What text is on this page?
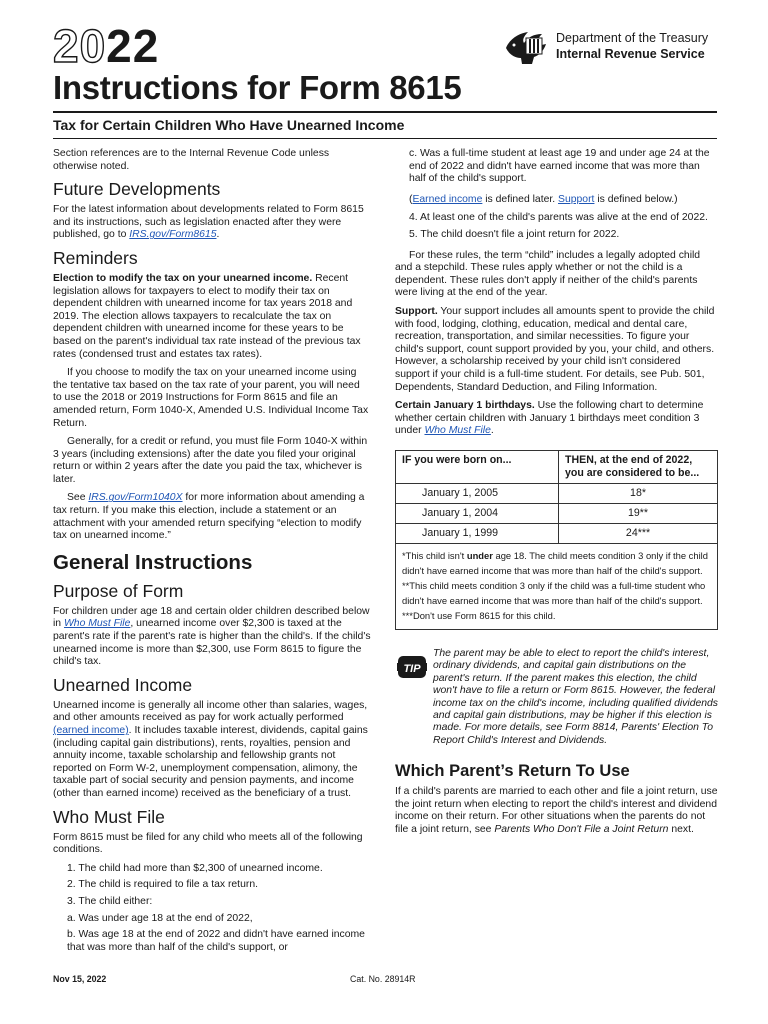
2022
Instructions for Form 8615
Tax for Certain Children Who Have Unearned Income
Department of the Treasury
Internal Revenue Service

Section references are to the Internal Revenue Code unless otherwise noted.

Future Developments

For the latest information about developments related to Form 8615 and its instructions, such as legislation enacted after they were published, go to IRS.gov/Form8615.

Reminders

Election to modify the tax on your unearned income. Recent legislation allows for taxpayers to elect to modify their tax on dependent children with unearned income for tax years 2018 and 2019. The election allows taxpayers to recalculate the tax on dependent children with unearned income for these years to be based on the parent's individual tax rate instead of the previous tax rates (condensed trust and estates tax rates).

If you choose to modify the tax on your unearned income using the tentative tax based on the tax rate of your parent, you will need to use the 2018 or 2019 Instructions for Form 8615 and file an amended return, Form 1040-X, Amended U.S. Individual Income Tax Return.

Generally, for a credit or refund, you must file Form 1040-X within 3 years (including extensions) after the date you filed your original return or within 2 years after the date you paid the tax, whichever is later.

See IRS.gov/Form1040X for more information about amending a tax return. If you make this election, include a statement or an attachment with your amended return specifying “election to modify tax on unearned income.”

General Instructions
Purpose of Form

For children under age 18 and certain older children described below in Who Must File, unearned income over $2,300 is taxed at the parent's rate if the parent's rate is higher than the child's. If the child's unearned income is more than $2,300, use Form 8615 to figure the child's tax.

Unearned Income

Unearned income is generally all income other than salaries, wages, and other amounts received as pay for work actually performed (earned income). It includes taxable interest, dividends, capital gains (including capital gain distributions), rents, royalties, pension and annuity income, taxable scholarship and fellowship grants not reported on Form W-2, unemployment compensation, alimony, the taxable part of social security and pension payments, and income (other than earned income) received as the beneficiary of a trust.

Who Must File

Form 8615 must be filed for any child who meets all of the following conditions.

1. The child had more than $2,300 of unearned income.
2. The child is required to file a tax return.
3. The child either:
a. Was under age 18 at the end of 2022,
b. Was age 18 at the end of 2022 and didn't have earned income that was more than half of the child's support, or
c. Was a full-time student at least age 19 and under age 24 at the end of 2022 and didn't have earned income that was more than half of the child's support.

(Earned income is defined later. Support is defined below.)

4. At least one of the child's parents was alive at the end of 2022.
5. The child doesn't file a joint return for 2022.

For these rules, the term “child” includes a legally adopted child and a stepchild. These rules apply whether or not the child is a dependent. These rules don't apply if neither of the child's parents were living at the end of the year.

Support. Your support includes all amounts spent to provide the child with food, lodging, clothing, education, medical and dental care, recreation, transportation, and similar necessities. To figure your child's support, count support provided by you, your child, and others. However, a scholarship received by your child isn't considered support if your child is a full-time student. For details, see Pub. 501, Dependents, Standard Deduction, and Filing Information.

Certain January 1 birthdays. Use the following chart to determine whether certain children with January 1 birthdays meet condition 3 under Who Must File.

IF you were born on...	THEN, at the end of 2022, you are considered to be...
January 1, 2005	18*
January 1, 2004	19**
January 1, 1999	24***
*This child isn't under age 18. The child meets condition 3 only if the child didn't have earned income that was more than half of the child's support.
**This child meets condition 3 only if the child was a full-time student who didn't have earned income that was more than half of the child's support.
***Don't use Form 8615 for this child.
TIP
The parent may be able to elect to report the child's interest, ordinary dividends, and capital gain distributions on the parent's return. If the parent makes this election, the child won't have to file a return or Form 8615. However, the federal income tax on the child's income, including qualified dividends and capital gain distributions, may be higher if this election is made. For more details, see Form 8814, Parents' Election To Report Child's Interest and Dividends.
Which Parent’s Return To Use

If a child's parents are married to each other and file a joint return, use the joint return when electing to report the child's interest and dividend income on their return. For other situations when the parents do not file a joint return, see Parents Who Don't File a Joint Return next.

Nov 15, 2022	Cat. No. 28914R
